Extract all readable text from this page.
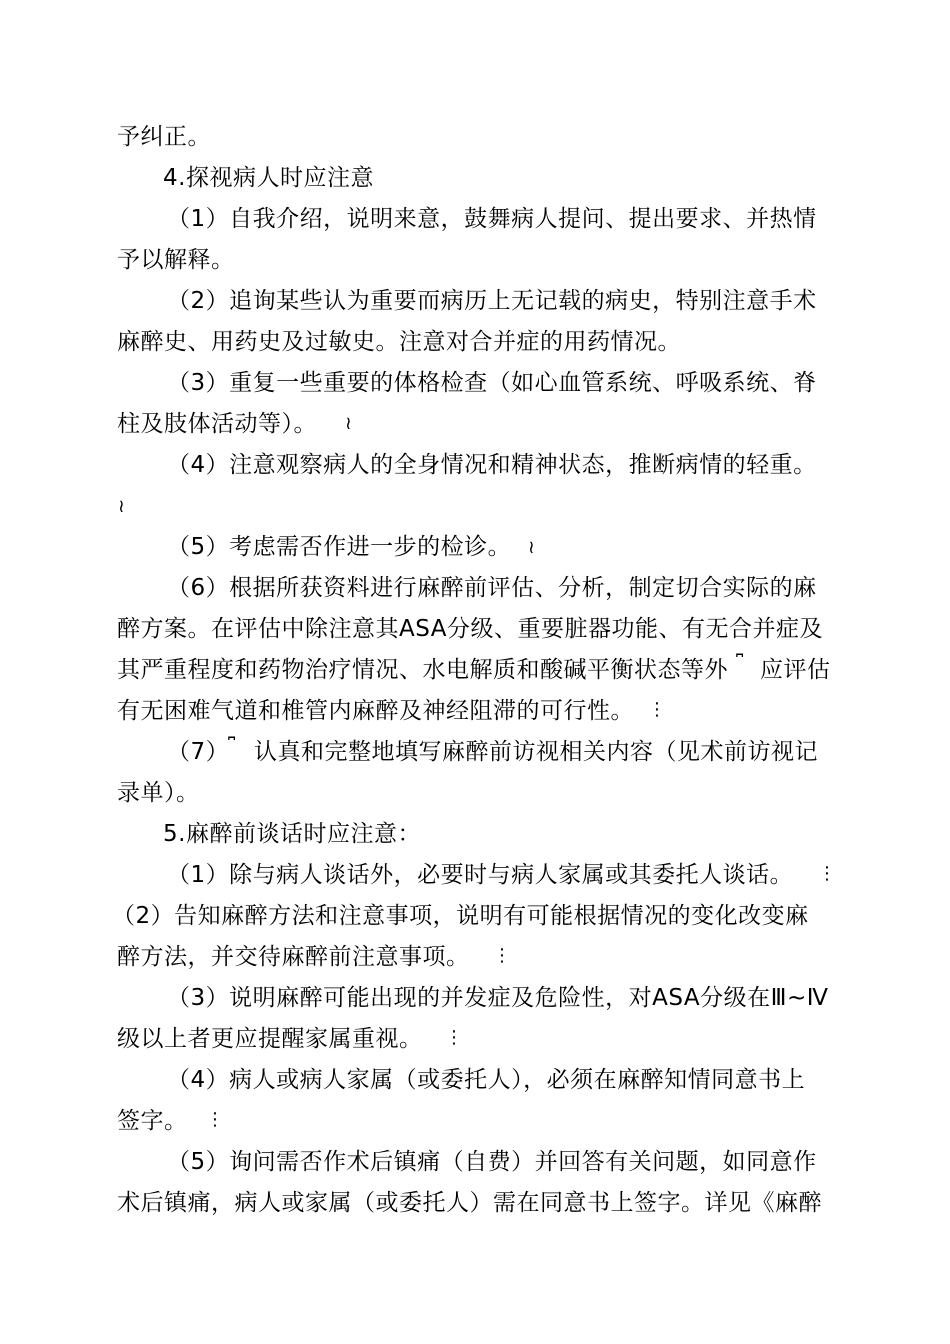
予纠正。
4.探视病人时应注意
（1）自我介绍，说明来意，鼓舞病人提问、提出要求、并热情
予以解释。
（2）追询某些认为重要而病历上无记载的病史，特别注意手术
麻醉史、用药史及过敏史。注意对合并症的用药情况。
（3）重复一些重要的体格检查（如心血管系统、呼吸系统、脊
柱及肢体活动等）。 ≀
（4）注意观察病人的全身情况和精神状态，推断病情的轻重。
≀
（5）考虑需否作进一步的检诊。 ≀
（6）根据所获资料进行麻醉前评估、分析，制定切合实际的麻
醉方案。在评估中除注意其ASA分级、重要脏器功能、有无合并症及
其严重程度和药物治疗情况、水电解质和酸碱平衡状态等外 ⎴ 应评估
有无困难气道和椎管内麻醉及神经阻滞的可行性。 ⋮
（7）
⎴ 认真和完整地填写麻醉前访视相关内容（见术前访视记
录单）。
5.麻醉前谈话时应注意：
（1）除与病人谈话外，必要时与病人家属或其委托人谈话。 ⋮
（2）告知麻醉方法和注意事项，说明有可能根据情况的变化改变麻
醉方法，并交待麻醉前注意事项。 ⋮
（3）说明麻醉可能出现的并发症及危险性，对ASA分级在Ⅲ~Ⅳ
级以上者更应提醒家属重视。 ⋮
（4）病人或病人家属（或委托人），必须在麻醉知情同意书上
签字。 ⋮
（5）询问需否作术后镇痛（自费）并回答有关问题，如同意作
术后镇痛，病人或家属（或委托人）需在同意书上签字。详见《麻醉
